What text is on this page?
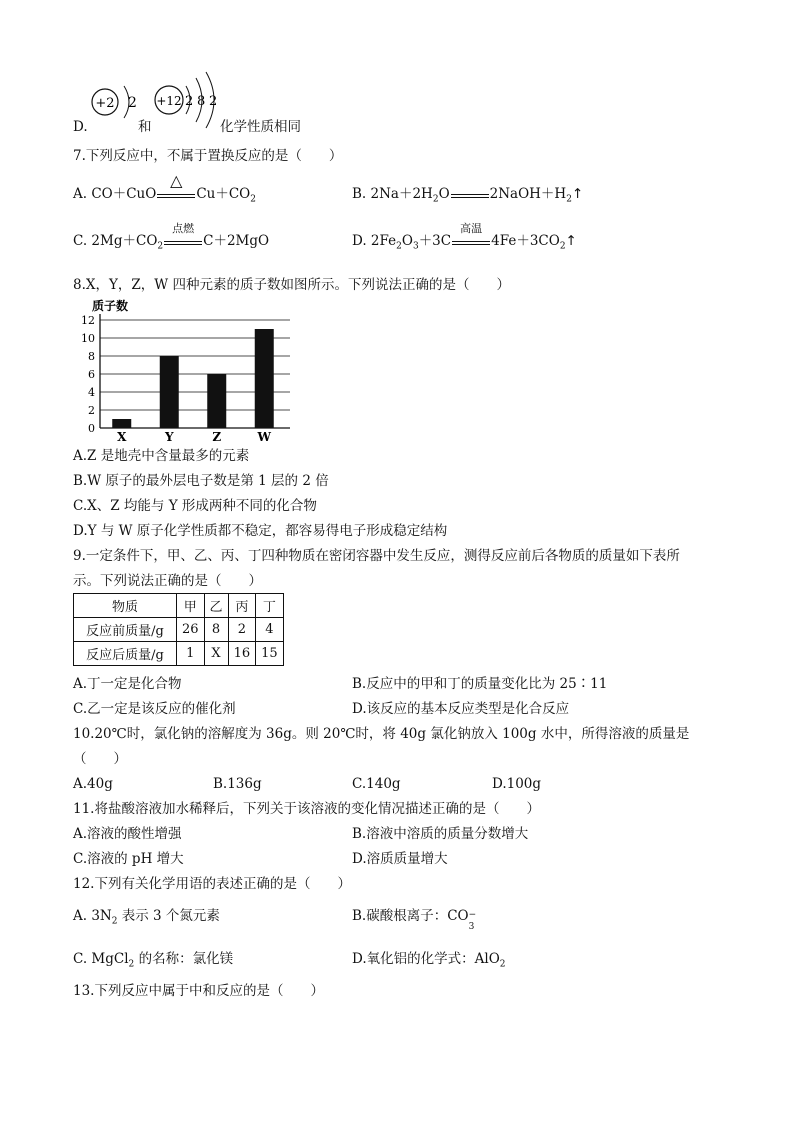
D.
+2 2
和
+12 2 8 2
化学性质相同
7.下列反应中，不属于置换反应的是（　　）
A. CO＋CuO
△
$Cu+CO_2$	B. $2Na+2H_2O$	$2NaOH+H_2↑$
C. $2Mg+CO_2$
点燃
C＋2MgO	D. $2Fe_2O_3+3C$
高温
$4Fe+3CO_2↑$
8.X，Y，Z，W 四种元素的质子数如图所示。下列说法正确的是（　　）
质子数
0
2
4
6
8
10
12
X	Y	Z	W
A.Z 是地壳中含量最多的元素
B.W 原子的最外层电子数是第 1 层的 2 倍
C.X、Z 均能与 Y 形成两种不同的化合物
D.Y 与 W 原子化学性质都不稳定，都容易得电子形成稳定结构
9.一定条件下，甲、乙、丙、丁四种物质在密闭容器中发生反应，测得反应前后各物质的质量如下表所
示。下列说法正确的是（　　）
物质	甲	乙	丙	丁
反应前质量/g	26	8	2	4
反应后质量/g	1	X	16	15
A.丁一定是化合物	B.反应中的甲和丁的质量变化比为 25∶11
C.乙一定是该反应的催化剂	D.该反应的基本反应类型是化合反应
10.20℃时，氯化钠的溶解度为 36g。则 20℃时，将 40g 氯化钠放入 100g 水中，所得溶液的质量是
（　　）
A.40g	B.136g	C.140g	D.100g
11.将盐酸溶液加水稀释后，下列关于该溶液的变化情况描述正确的是（　　）
A.溶液的酸性增强	B.溶液中溶质的质量分数增大
C.溶液的 pH 增大	D.溶质质量增大
12.下列有关化学用语的表述正确的是（　　）
A. $3N_2$ 表示 3 个氮元素	B.碳酸根离子：CO −
3
C. MgCl$_2$ 的名称：氯化镁	D.氧化铝的化学式：AlO$_2$
13.下列反应中属于中和反应的是（　　）
